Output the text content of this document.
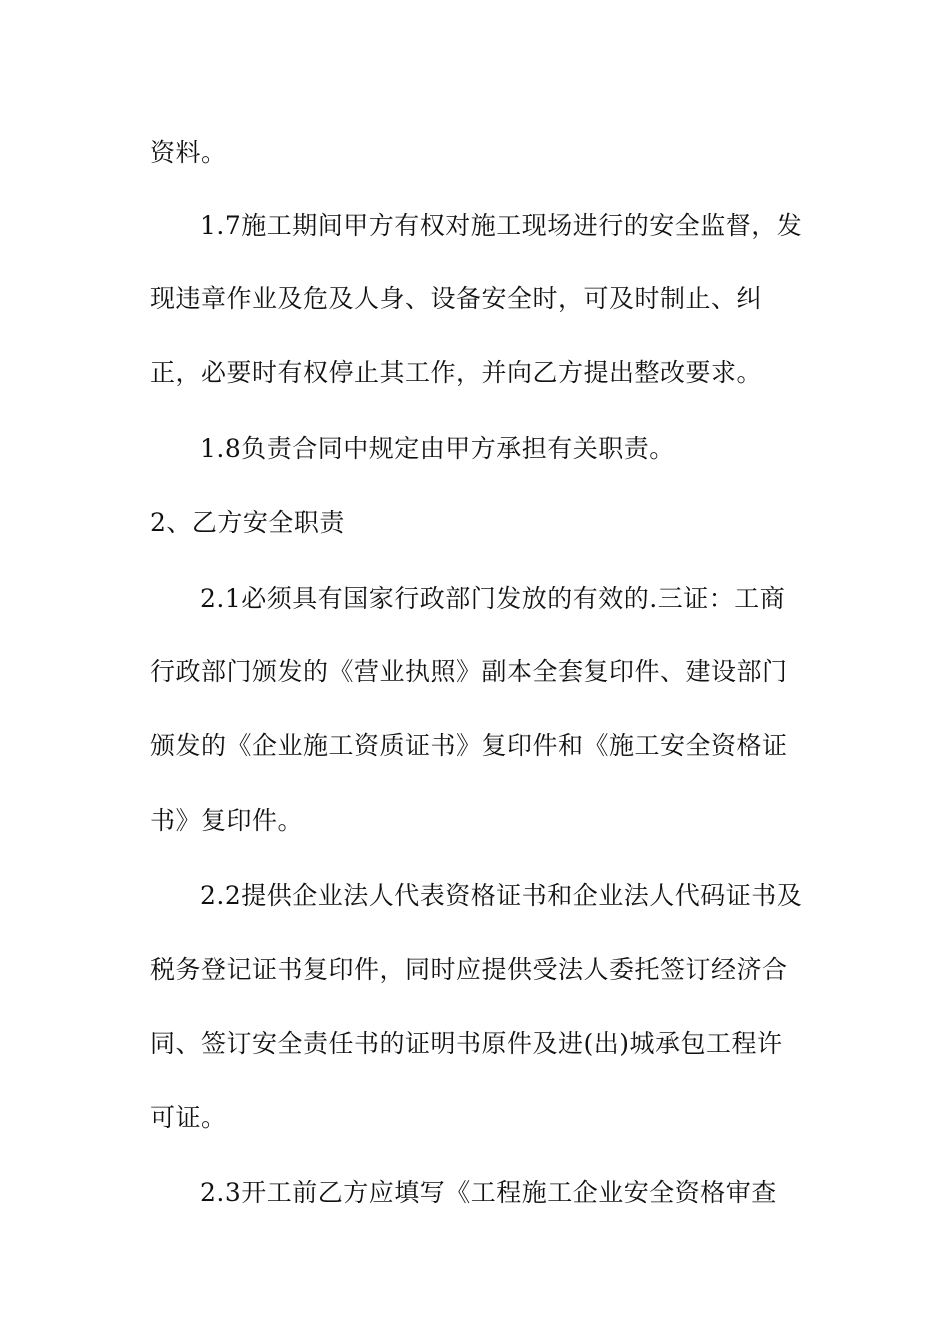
资料。
1.7施工期间甲方有权对施工现场进行的安全监督，发
现违章作业及危及人身、设备安全时，可及时制止、纠
正，必要时有权停止其工作，并向乙方提出整改要求。
1.8负责合同中规定由甲方承担有关职责。
2、乙方安全职责
2.1必须具有国家行政部门发放的有效的.三证：工商
行政部门颁发的《营业执照》副本全套复印件、建设部门
颁发的《企业施工资质证书》复印件和《施工安全资格证
书》复印件。
2.2提供企业法人代表资格证书和企业法人代码证书及
税务登记证书复印件，同时应提供受法人委托签订经济合
同、签订安全责任书的证明书原件及进(出)城承包工程许
可证。
2.3开工前乙方应填写《工程施工企业安全资格审查
